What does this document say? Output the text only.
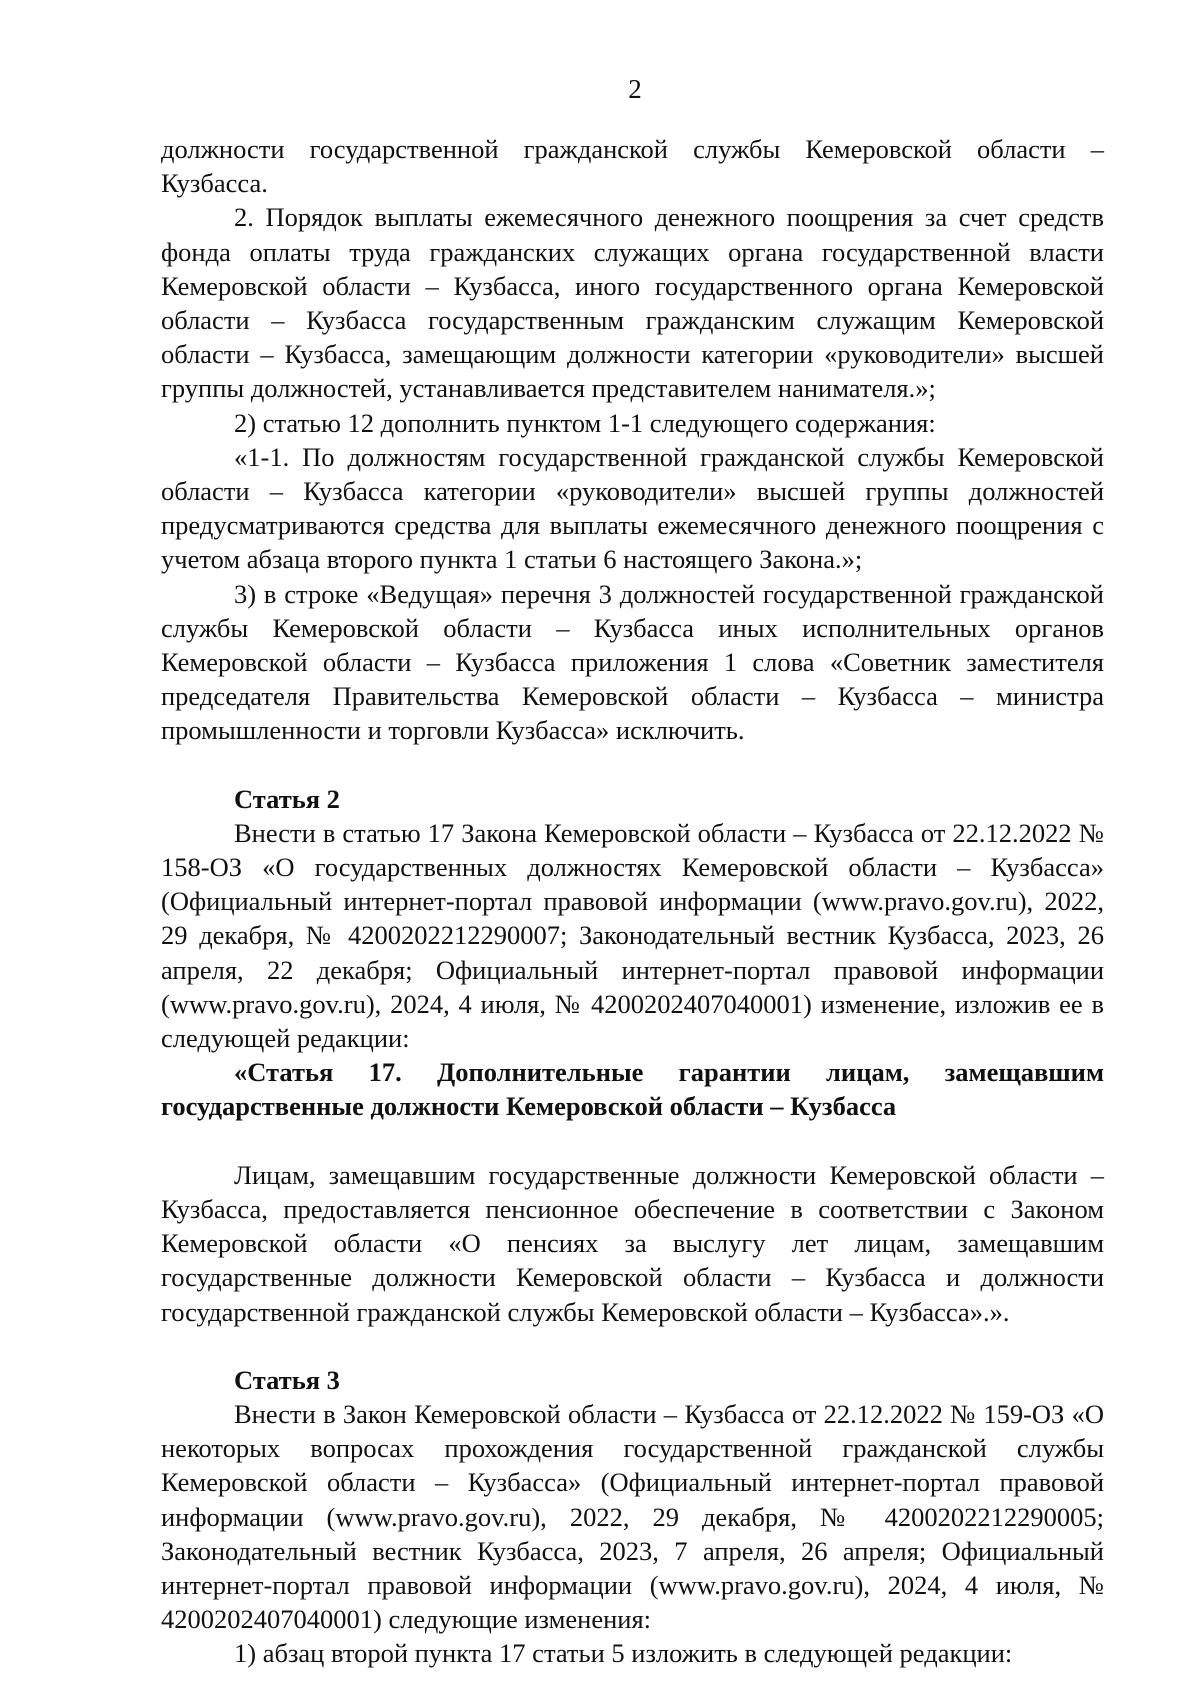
2

должности государственной гражданской службы Кемеровской области – Кузбасса.

2. Порядок выплаты ежемесячного денежного поощрения за счет средств фонда оплаты труда гражданских служащих органа государственной власти Кемеровской области – Кузбасса, иного государственного органа Кемеровской области – Кузбасса государственным гражданским служащим Кемеровской области – Кузбасса, замещающим должности категории «руководители» высшей группы должностей, устанавливается представителем нанимателя.»;

2) статью 12 дополнить пунктом 1-1 следующего содержания:

«1-1. По должностям государственной гражданской службы Кемеровской области – Кузбасса категории «руководители» высшей группы должностей предусматриваются средства для выплаты ежемесячного денежного поощрения с учетом абзаца второго пункта 1 статьи 6 настоящего Закона.»;

3) в строке «Ведущая» перечня 3 должностей государственной гражданской службы Кемеровской области – Кузбасса иных исполнительных органов Кемеровской области – Кузбасса приложения 1 слова «Советник заместителя председателя Правительства Кемеровской области – Кузбасса – министра промышленности и торговли Кузбасса» исключить.

Статья 2

Внести в статью 17 Закона Кемеровской области – Кузбасса от 22.12.2022 № 158-ОЗ «О государственных должностях Кемеровской области – Кузбасса» (Официальный интернет-портал правовой информации (www.pravo.gov.ru), 2022, 29 декабря, № 4200202212290007; Законодательный вестник Кузбасса, 2023, 26 апреля, 22 декабря; Официальный интернет-портал правовой информации (www.pravo.gov.ru), 2024, 4 июля, № 4200202407040001) изменение, изложив ее в следующей редакции:

«Статья 17. Дополнительные гарантии лицам, замещавшим государственные должности Кемеровской области – Кузбасса

Лицам, замещавшим государственные должности Кемеровской области – Кузбасса, предоставляется пенсионное обеспечение в соответствии с Законом Кемеровской области «О пенсиях за выслугу лет лицам, замещавшим государственные должности Кемеровской области – Кузбасса и должности государственной гражданской службы Кемеровской области – Кузбасса».».

Статья 3

Внести в Закон Кемеровской области – Кузбасса от 22.12.2022 № 159-ОЗ «О некоторых вопросах прохождения государственной гражданской службы Кемеровской области – Кузбасса» (Официальный интернет-портал правовой информации (www.pravo.gov.ru), 2022, 29 декабря, № 4200202212290005; Законодательный вестник Кузбасса, 2023, 7 апреля, 26 апреля; Официальный интернет-портал правовой информации (www.pravo.gov.ru), 2024, 4 июля, № 4200202407040001) следующие изменения:

1) абзац второй пункта 17 статьи 5 изложить в следующей редакции:
